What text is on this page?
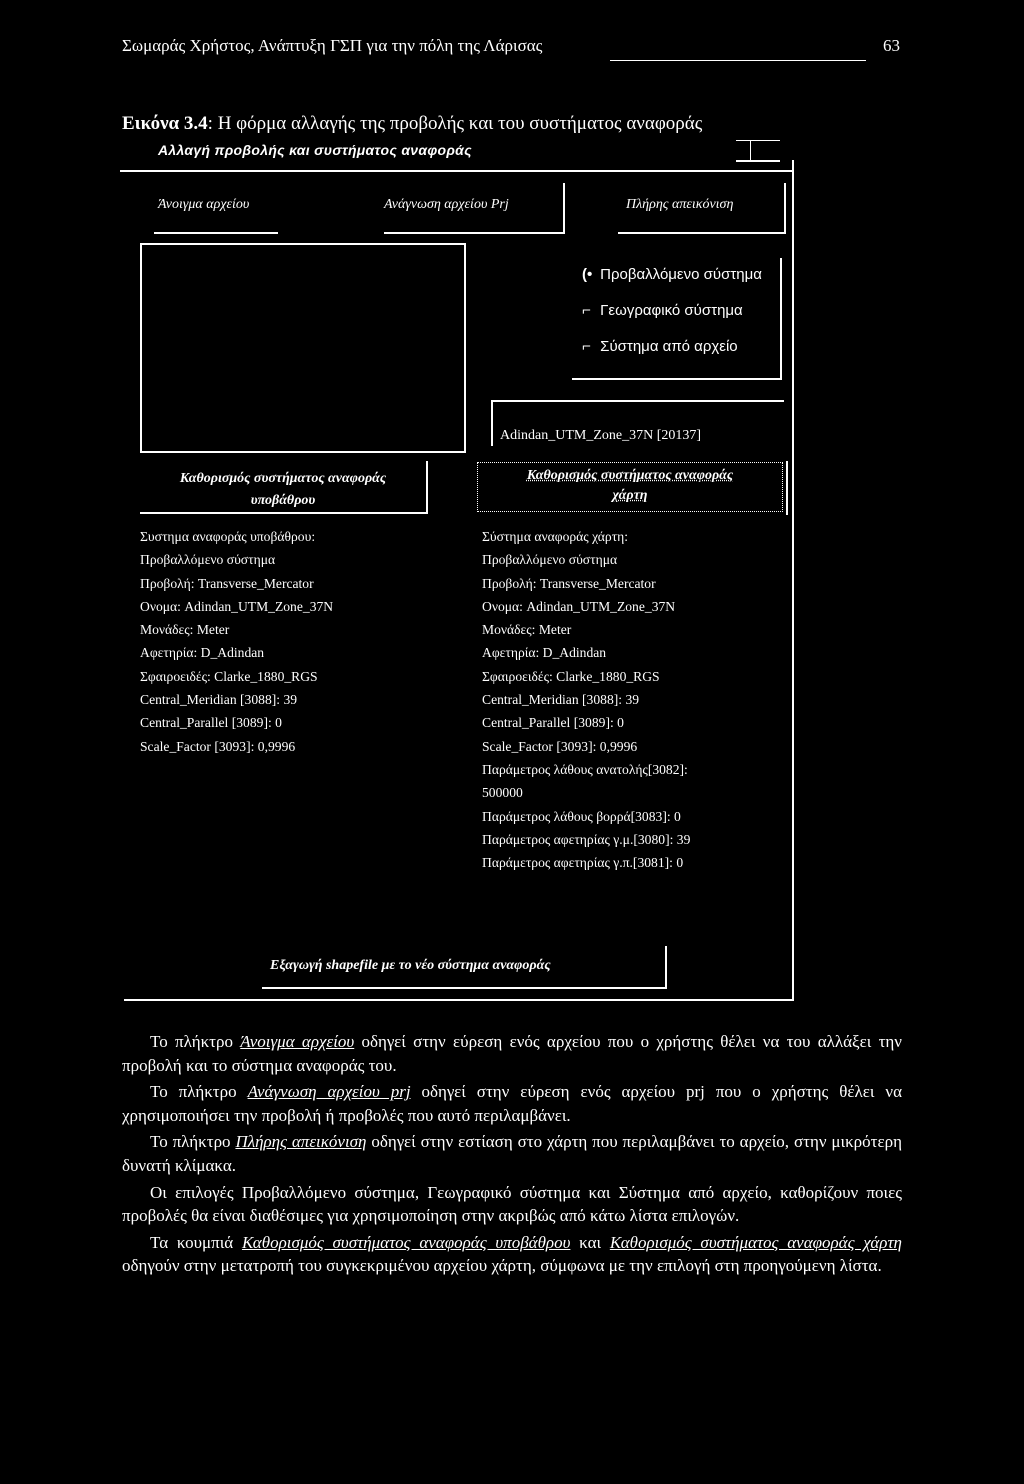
Σωμαράς Χρήστος, Ανάπτυξη ΓΣΠ για την πόλη της Λάρισας	63
Εικόνα 3.4: Η φόρμα αλλαγής της προβολής και του συστήματος αναφοράς
Αλλαγή προβολής και συστήματος αναφοράς
Άνοιγμα αρχείου	Ανάγνωση αρχείου Prj	Πλήρης απεικόνιση
(• Προβαλλόμενο σύστημα
⌐ Γεωγραφικό σύστημα
⌐ Σύστημα από αρχείο
Adindan_UTM_Zone_37N [20137]
Καθορισμός συστήματος αναφοράς
υποβάθρου
Καθορισμός συστήματος αναφοράς
χάρτη
Συστημα αναφοράς υποβάθρου:
Προβαλλόμενο σύστημα
Προβολή: Transverse_Mercator
Ονομα: Adindan_UTM_Zone_37N
Μονάδες: Meter
Αφετηρία: D_Adindan
Σφαιροειδές: Clarke_1880_RGS
Central_Meridian [3088]: 39
Central_Parallel [3089]: 0
Scale_Factor [3093]: 0,9996
Σύστημα αναφοράς χάρτη:
Προβαλλόμενο σύστημα
Προβολή: Transverse_Mercator
Ονομα: Adindan_UTM_Zone_37N
Μονάδες: Meter
Αφετηρία: D_Adindan
Σφαιροειδές: Clarke_1880_RGS
Central_Meridian [3088]: 39
Central_Parallel [3089]: 0
Scale_Factor [3093]: 0,9996
Παράμετρος λάθους ανατολής[3082]:
500000
Παράμετρος λάθους βορρά[3083]: 0
Παράμετρος αφετηρίας γ.μ.[3080]: 39
Παράμετρος αφετηρίας γ.π.[3081]: 0
Εξαγωγή shapefile με το νέο σύστημα αναφοράς

Το πλήκτρο Άνοιγμα αρχείου οδηγεί στην εύρεση ενός αρχείου που ο χρήστης θέλει να του αλλάξει την προβολή και το σύστημα αναφοράς του.

Το πλήκτρο Ανάγνωση αρχείου prj οδηγεί στην εύρεση ενός αρχείου prj που ο χρήστης θέλει να χρησιμοποιήσει την προβολή ή προβολές που αυτό περιλαμβάνει.

Το πλήκτρο Πλήρης απεικόνιση οδηγεί στην εστίαση στο χάρτη που περιλαμβάνει το αρχείο, στην μικρότερη δυνατή κλίμακα.

Οι επιλογές Προβαλλόμενο σύστημα, Γεωγραφικό σύστημα και Σύστημα από αρχείο, καθορίζουν ποιες προβολές θα είναι διαθέσιμες για χρησιμοποίηση στην ακριβώς από κάτω λίστα επιλογών.

Τα κουμπιά Καθορισμός συστήματος αναφοράς υποβάθρου και Καθορισμός συστήματος αναφοράς χάρτη οδηγούν στην μετατροπή του συγκεκριμένου αρχείου χάρτη, σύμφωνα με την επιλογή στη προηγούμενη λίστα.
